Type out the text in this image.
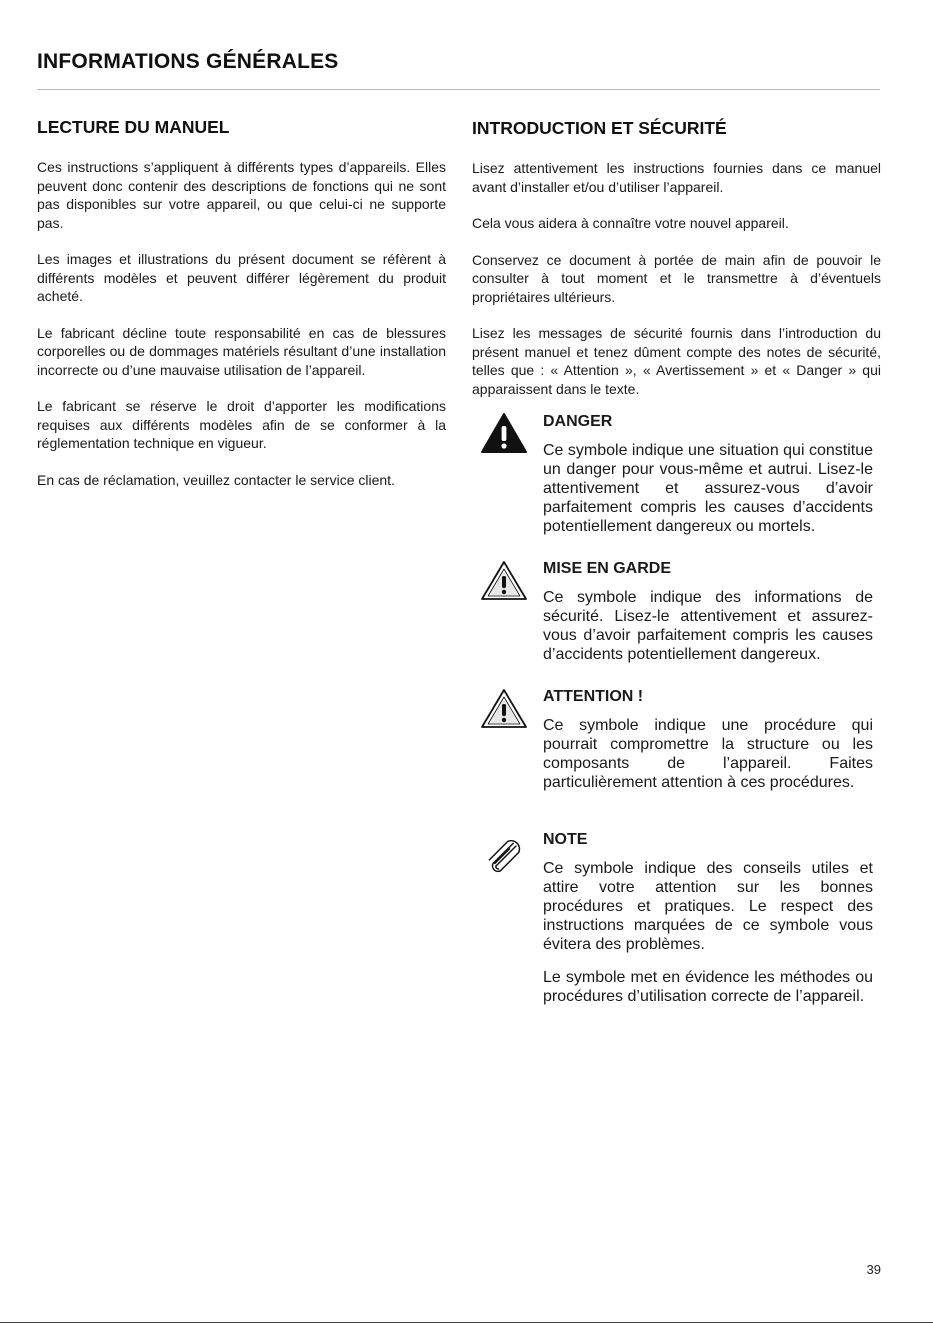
INFORMATIONS GÉNÉRALES
LECTURE DU MANUEL

Ces instructions s’appliquent à différents types d’appareils. Elles peuvent donc contenir des descriptions de fonctions qui ne sont pas disponibles sur votre appareil, ou que celui-ci ne supporte pas.

Les images et illustrations du présent document se réfèrent à différents modèles et peuvent différer légèrement du produit acheté.

Le fabricant décline toute responsabilité en cas de blessures corporelles ou de dommages matériels résultant d’une installation incorrecte ou d’une mauvaise utilisation de l’appareil.

Le fabricant se réserve le droit d’apporter les modifications requises aux différents modèles afin de se conformer à la réglementation technique en vigueur.

En cas de réclamation, veuillez contacter le service client.

INTRODUCTION ET SÉCURITÉ

Lisez attentivement les instructions fournies dans ce manuel avant d’installer et/ou d’utiliser l’appareil.

Cela vous aidera à connaître votre nouvel appareil.

Conservez ce document à portée de main afin de pouvoir le consulter à tout moment et le transmettre à d’éventuels propriétaires ultérieurs.

Lisez les messages de sécurité fournis dans l’introduction du présent manuel et tenez dûment compte des notes de sécurité, telles que : « Attention », « Avertissement » et « Danger » qui apparaissent dans le texte.

DANGER

Ce symbole indique une situation qui constitue un danger pour vous-même et autrui. Lisez-le attentivement et assurez-vous d’avoir parfaitement compris les causes d’accidents potentiellement dangereux ou mortels.

MISE EN GARDE

Ce symbole indique des informations de sécurité. Lisez-le attentivement et assurez-vous d’avoir parfaitement compris les causes d’accidents potentiellement dangereux.

ATTENTION !

Ce symbole indique une procédure qui pourrait compromettre la structure ou les composants de l’appareil. Faites particulièrement attention à ces procédures.

NOTE

Ce symbole indique des conseils utiles et attire votre attention sur les bonnes procédures et pratiques. Le respect des instructions marquées de ce symbole vous évitera des problèmes.

Le symbole met en évidence les méthodes ou procédures d’utilisation correcte de l’appareil.

39
